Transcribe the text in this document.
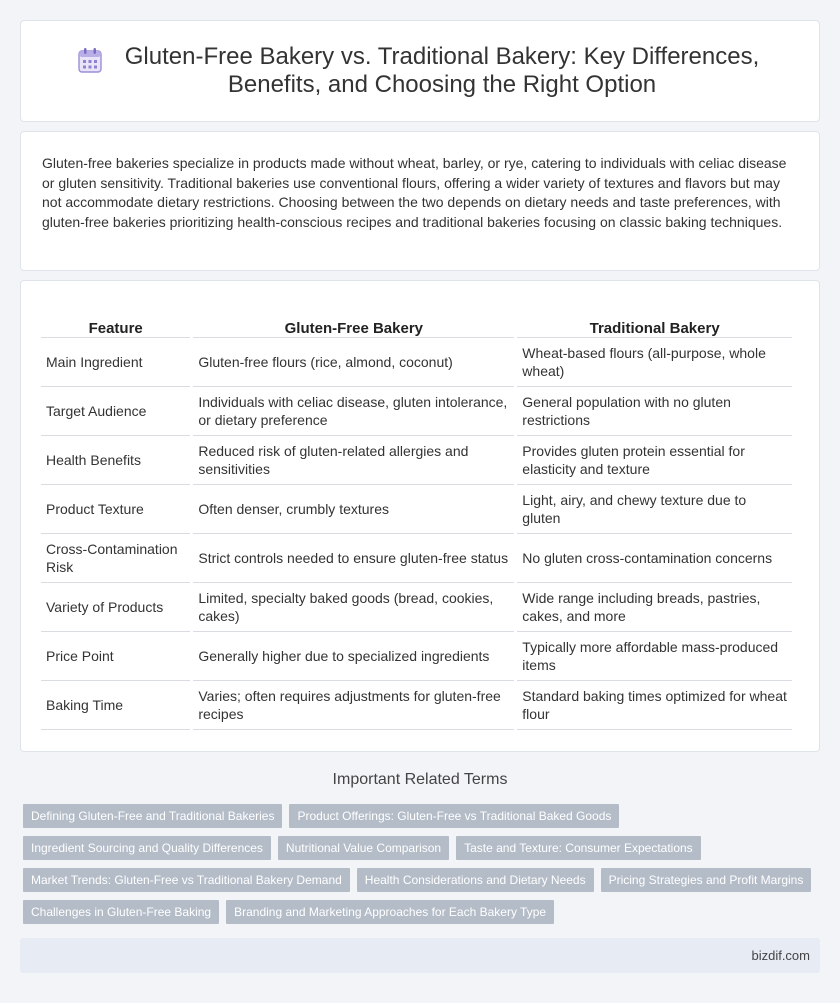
Gluten-Free Bakery vs. Traditional Bakery: Key Differences, Benefits, and Choosing the Right Option

Gluten-free bakeries specialize in products made without wheat, barley, or rye, catering to individuals with celiac disease or gluten sensitivity. Traditional bakeries use conventional flours, offering a wider variety of textures and flavors but may not accommodate dietary restrictions. Choosing between the two depends on dietary needs and taste preferences, with gluten-free bakeries prioritizing health-conscious recipes and traditional bakeries focusing on classic baking techniques.

Feature	Gluten-Free Bakery	Traditional Bakery
Main Ingredient	Gluten-free flours (rice, almond, coconut)	Wheat-based flours (all-purpose, whole wheat)
Target Audience	Individuals with celiac disease, gluten intolerance, or dietary preference	General population with no gluten restrictions
Health Benefits	Reduced risk of gluten-related allergies and sensitivities	Provides gluten protein essential for elasticity and texture
Product Texture	Often denser, crumbly textures	Light, airy, and chewy texture due to gluten
Cross-Contamination Risk	Strict controls needed to ensure gluten-free status	No gluten cross-contamination concerns
Variety of Products	Limited, specialty baked goods (bread, cookies, cakes)	Wide range including breads, pastries, cakes, and more
Price Point	Generally higher due to specialized ingredients	Typically more affordable mass-produced items
Baking Time	Varies; often requires adjustments for gluten-free recipes	Standard baking times optimized for wheat flour
Important Related Terms
Defining Gluten-Free and Traditional Bakeries	Product Offerings: Gluten-Free vs Traditional Baked Goods
Ingredient Sourcing and Quality Differences	Nutritional Value Comparison	Taste and Texture: Consumer Expectations
Market Trends: Gluten-Free vs Traditional Bakery Demand	Health Considerations and Dietary Needs	Pricing Strategies and Profit Margins
Challenges in Gluten-Free Baking	Branding and Marketing Approaches for Each Bakery Type
bizdif.com
